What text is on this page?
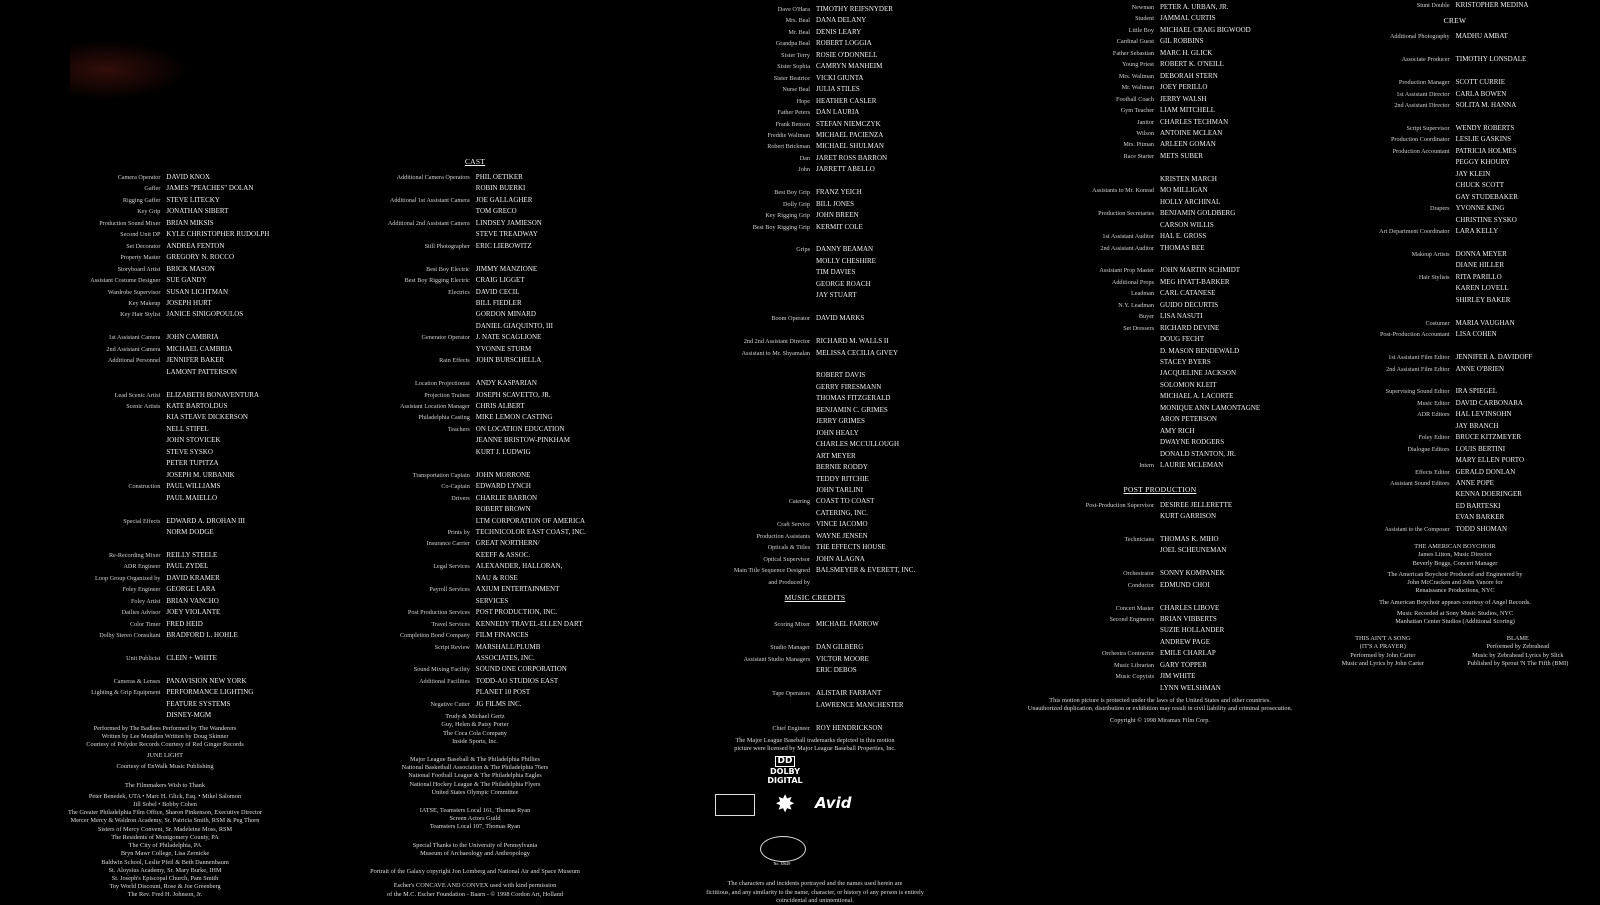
Camera Operator DAVID KNOX
Gaffer JAMES "PEACHES" DOLAN
Rigging Gaffer STEVE LITECKY
Key Grip JONATHAN SIBERT
Production Sound Mixer BRIAN MIKSIS
Second Unit DP KYLE CHRISTOPHER RUDOLPH
Set Decorator ANDREA FENTON
Property Master GREGORY N. ROCCO
Storyboard Artist BRICK MASON
Assistant Costume Designer SUE GANDY
Wardrobe Supervisor SUSAN LICHTMAN
Key Makeup JOSEPH HURT
Key Hair Stylist JANICE SINIGOPOULOS
1st Assistant Camera JOHN CAMBRIA
2nd Assistant Camera MICHAEL CAMBRIA
Additional Personnel JENNIFER BAKER
LAMONT PATTERSON
Lead Scenic Artist ELIZABETH BONAVENTURA
Scenic Artists KATE BARTOLDUS
KIA STEAVE DICKERSON
NELL STIFEL
JOHN STOVICEK
STEVE SYSKO
PETER TUPITZA
JOSEPH M. URBANIK
Construction PAUL WILLIAMS
PAUL MAIELLO
Special Effects EDWARD A. DROHAN III
NORM DODGE
Re-Recording Mixer REILLY STEELE
ADR Engineer PAUL ZYDEL
Loop Group Organized by DAVID KRAMER
Foley Engineer GEORGE LARA
Foley Artist BRIAN VANCHO
Dailies Advisor JOEY VIOLANTE
Color Timer FRED HEID
Dolby Stereo Consultant BRADFORD L. HOHLE
Unit Publicist CLEIN + WHITE
Cameras & Lenses PANAVISION NEW YORK
Lighting & Grip Equipment PERFORMANCE LIGHTING
FEATURE SYSTEMS
DISNEY-MGM
Performed by The Badlees Performed by The Wanderers
Written by Lee Mendlen Written by Doug Skinner
Courtesy of Polydor Records Courtesy of Red Ginger Records
JUNE LIGHT
Courtesy of EnWalk Music Publishing
The Filmmakers Wish to Thank
Peter Benedek, UTA • Marc H. Glick, Esq. • Mikel Salomon
Jill Sobel • Bobby Cohen
The Greater Philadelphia Film Office, Sharon Pinkenson, Executive Director
Mercer Mercy & Waldron Academy, Sr. Patricia Smith, RSM & Peg Thorn
Sisters of Mercy Convent, Sr. Madeleine Moss, RSM
The Residents of Montgomery County, PA
The City of Philadelphia, PA
Bryn Mawr College, Lisa Zernicke
Baldwin School, Leslie Pfeil & Beth Dannenbaum
St. Aloysius Academy, Sr. Mary Burke, IHM
St. Joseph's Episcopal Church, Pam Smith
Toy World Discount, Rose & Joe Greenberg
The Rev. Fred H. Johnson, Jr.
CAST
Additional Camera Operators PHIL OETIKER
ROBIN BUERKI
Additional 1st Assistant Camera JOE GALLAGHER
TOM GRECO
Additional 2nd Assistant Camera LINDSEY JAMIESON
STEVE TREADWAY
Still Photographer ERIC LIEBOWITZ
Best Boy Electric JIMMY MANZIONE
Best Boy Rigging Electric CRAIG LIGGET
Electrics DAVID CECIL
BILL FIEDLER
GORDON MINARD
DANIEL GIAQUINTO, III
Generator Operator J. NATE SCAGLIONE
YVONNE STURM
Rain Effects JOHN BURSCHELLA
Location Projectionist ANDY KASPARIAN
Projection Trainee JOSEPH SCAVETTO, JR.
Assistant Location Manager CHRIS ALBERT
Philadelphia Casting MIKE LEMON CASTING
Teachers ON LOCATION EDUCATION
JEANNE BRISTOW-PINKHAM
KURT J. LUDWIG
Transportation Captain JOHN MORRONE
Co-Captain EDWARD LYNCH
Drivers CHARLIE BARRON
ROBERT BROWN
LTM CORPORATION OF AMERICA
Prints by TECHNICOLOR EAST COAST, INC.
Insurance Carrier GREAT NORTHERN/
KEEFF & ASSOC.
Legal Services ALEXANDER, HALLORAN,
NAU & ROSE
Payroll Services AXIUM ENTERTAINMENT
SERVICES
Post Production Services POST PRODUCTION, INC.
Travel Services KENNEDY TRAVEL-ELLEN DART
Completion Bond Company FILM FINANCES
Script Review MARSHALL/PLUMB
ASSOCIATES, INC.
Sound Mixing Facility SOUND ONE CORPORATION
Additional Facilities TODD-AO STUDIOS EAST
PLANET 10 POST
Negative Cutter JG FILMS INC.
Trudy & Michael Gertz
Guy, Helen & Patsy Porter
The Coca Cola Company
Inside Sports, Inc.
Major League Baseball & The Philadelphia Phillies
National Basketball Association & The Philadelphia 76ers
National Football League & The Philadelphia Eagles
National Hockey League & The Philadelphia Flyers
United States Olympic Committee
IATSE, Teamsters Local 161, Thomas Ryan
Screen Actors Guild
Teamsters Local 107, Thomas Ryan
Special Thanks to the University of Pennsylvania
Museum of Archaeology and Anthropology
Portrait of the Galaxy copyright Jon Lomberg and National Air and Space Museum
Escher's CONCAVE AND CONVEX used with kind permission
of the M.C. Escher Foundation - Baarn - © 1998 Cordon Art, Holland
Dave O'Hara TIMOTHY REIFSNYDER
Mrs. Beal DANA DELANY
Mr. Beal DENIS LEARY
Grandpa Beal ROBERT LOGGIA
Sister Terry ROSIE O'DONNELL
Sister Sophia CAMRYN MANHEIM
Sister Beatrice VICKI GIUNTA
Nurse Beal JULIA STILES
Hope HEATHER CASLER
Father Peters DAN LAURIA
Frank Benson STEFAN NIEMCZYK
Freddie Waltman MICHAEL PACIENZA
Robert Brickman MICHAEL SHULMAN
Dan JARET ROSS BARRON
John JARRETT ABELLO
Best Boy Grip FRANZ YEICH
Dolly Grip BILL JONES
Key Rigging Grip JOHN BREEN
Best Boy Rigging Grip KERMIT COLE
Grips DANNY BEAMAN
MOLLY CHESHIRE
TIM DAVIES
GEORGE ROACH
JAY STUART
Boom Operator DAVID MARKS
2nd 2nd Assistant Director RICHARD M. WALLS II
Assistant to Mr. Shyamalan MELISSA CECILIA GIVEY
ROBERT DAVIS
GERRY FIRESMANN
THOMAS FITZGERALD
BENJAMIN C. GRIMES
JERRY GRIMES
JOHN HEALY
CHARLES MCCULLOUGH
ART MEYER
BERNIE RODDY
TEDDY RITCHIE
JOHN TARLINI
Catering COAST TO COAST
CATERING, INC.
Craft Service VINCE IACOMO
Production Assistants WAYNE JENSEN
Opticals & Titles THE EFFECTS HOUSE
Optical Supervisor JOHN ALAGNA
Main Title Sequence Designed BALSMEYER & EVERETT, INC.
and Produced by
MUSIC CREDITS
Scoring Mixer MICHAEL FARROW
Studio Manager DAN GILBERG
Assistant Studio Managers VICTOR MOORE
ERIC DEBOS
Tape Operators ALISTAIR FARRANT
LAWRENCE MANCHESTER
Chief Engineer ROY HENDRICKSON
The Major League Baseball trademarks depicted in this motion
picture were licensed by Major League Baseball Properties, Inc.
DD DOLBY
DIGITAL
✸	Avid
No. 35629
The characters and incidents portrayed and the names used herein are
fictitious, and any similarity to the name, character, or history of any person is entirely coincidental and unintentional.
Newman PETER A. URBAN, JR.
Student JAMMAL CURTIS
Little Boy MICHAEL CRAIG BIGWOOD
Cardinal Guest GIL ROBBINS
Father Sebastian MARC H. GLICK
Young Priest ROBERT K. O'NEILL
Mrs. Waltman DEBORAH STERN
Mr. Waltman JOEY PERILLO
Football Coach JERRY WALSH
Gym Teacher LIAM MITCHELL
Janitor CHARLES TECHMAN
Wilson ANTOINE MCLEAN
Mrs. Pitman ARLEEN GOMAN
Race Starter METS SUBER
KRISTEN MARCH
Assistants to Mr. Konrad MO MILLIGAN
HOLLY ARCHINAL
Production Secretaries BENJAMIN GOLDBERG
CARSON WILLIS
1st Assistant Auditor HAL E. GROSS
2nd Assistant Auditor THOMAS BEE
Assistant Prop Master JOHN MARTIN SCHMIDT
Additional Props MEG HYATT-BARKER
Leadman CARL CATANESE
N.Y. Leadman GUIDO DECURTIS
Buyer LISA NASUTI
Set Dressers RICHARD DEVINE
DOUG FECHT
D. MASON BENDEWALD
STACEY BYERS
JACQUELINE JACKSON
SOLOMON KLEIT
MICHAEL A. LACORTE
MONIQUE ANN LAMONTAGNE
ARON PETERSON
AMY RICH
DWAYNE RODGERS
DONALD STANTON, JR.
Intern LAURIE MCLEMAN
POST PRODUCTION
Post-Production Supervisor DESIREE JELLERETTE
KURT GARRISON
Technicians THOMAS K. MIHO
JOEL SCHEUNEMAN
Orchestrator SONNY KOMPANEK
Conductor EDMUND CHOI
Concert Master CHARLES LIBOVE
Second Engineers BRIAN VIBBERTS
SUZIE HOLLANDER
ANDREW PAGE
Orchestra Contractor EMILE CHARLAP
Music Librarian GARY TOPPER
Music Copyists JIM WHITE
LYNN WELSHMAN
This motion picture is protected under the laws of the United States and other countries.
Unauthorized duplication, distribution or exhibition may result in civil liability and criminal prosecution.
Copyright © 1998 Miramax Film Corp.
Stunt Double KRISTOPHER MEDINA
CREW
Additional Photography MADHU AMBAT
Associate Producer TIMOTHY LONSDALE
Production Manager SCOTT CURRIE
1st Assistant Director CARLA BOWEN
2nd Assistant Director SOLITA M. HANNA
Script Supervisor WENDY ROBERTS
Production Coordinator LESLIE GASKINS
Production Accountant PATRICIA HOLMES
PEGGY KHOURY
JAY KLEIN
CHUCK SCOTT
GAY STUDEBAKER
Drapers YVONNE KING
CHRISTINE SYSKO
Art Department Coordinator LARA KELLY
Makeup Artists DONNA MEYER
DIANE HILLER
Hair Stylists RITA PARILLO
KAREN LOVELL
SHIRLEY BAKER
Costumer MARIA VAUGHAN
Post-Production Accountant LISA COHEN
1st Assistant Film Editor JENNIFER A. DAVIDOFF
2nd Assistant Film Editor ANNE O'BRIEN
Supervising Sound Editor IRA SPIEGEL
Music Editor DAVID CARBONARA
ADR Editors HAL LEVINSOHN
JAY BRANCH
Foley Editor BRUCE KITZMEYER
Dialogue Editors LOUIS BERTINI
MARY ELLEN PORTO
Effects Editor GERALD DONLAN
Assistant Sound Editors ANNE POPE
KENNA DOERINGER
ED BARTESKI
EVAN BARKER
Assistant to the Composer TODD SHOMAN
THE AMERICAN BOYCHOIR
James Litton, Music Director
Beverly Boggs, Concert Manager
The American Boychoir Produced and Engineered by
John McCracken and John Vanore for
Renaissance Productions, NYC
The American Boychoir appears courtesy of Angel Records.
Music Recorded at Sony Music Studios, NYC
Manhattan Center Studios (Additional Scoring)
THIS AIN'T A SONG
(IT'S A PRAYER)
Performed by John Carter
Music and Lyrics by John Carter
BLAME
Performed by Zebrahead
Music by Zebrahead Lyrics by Slick
Published by Sprout 'N The Fifth (BMI)
